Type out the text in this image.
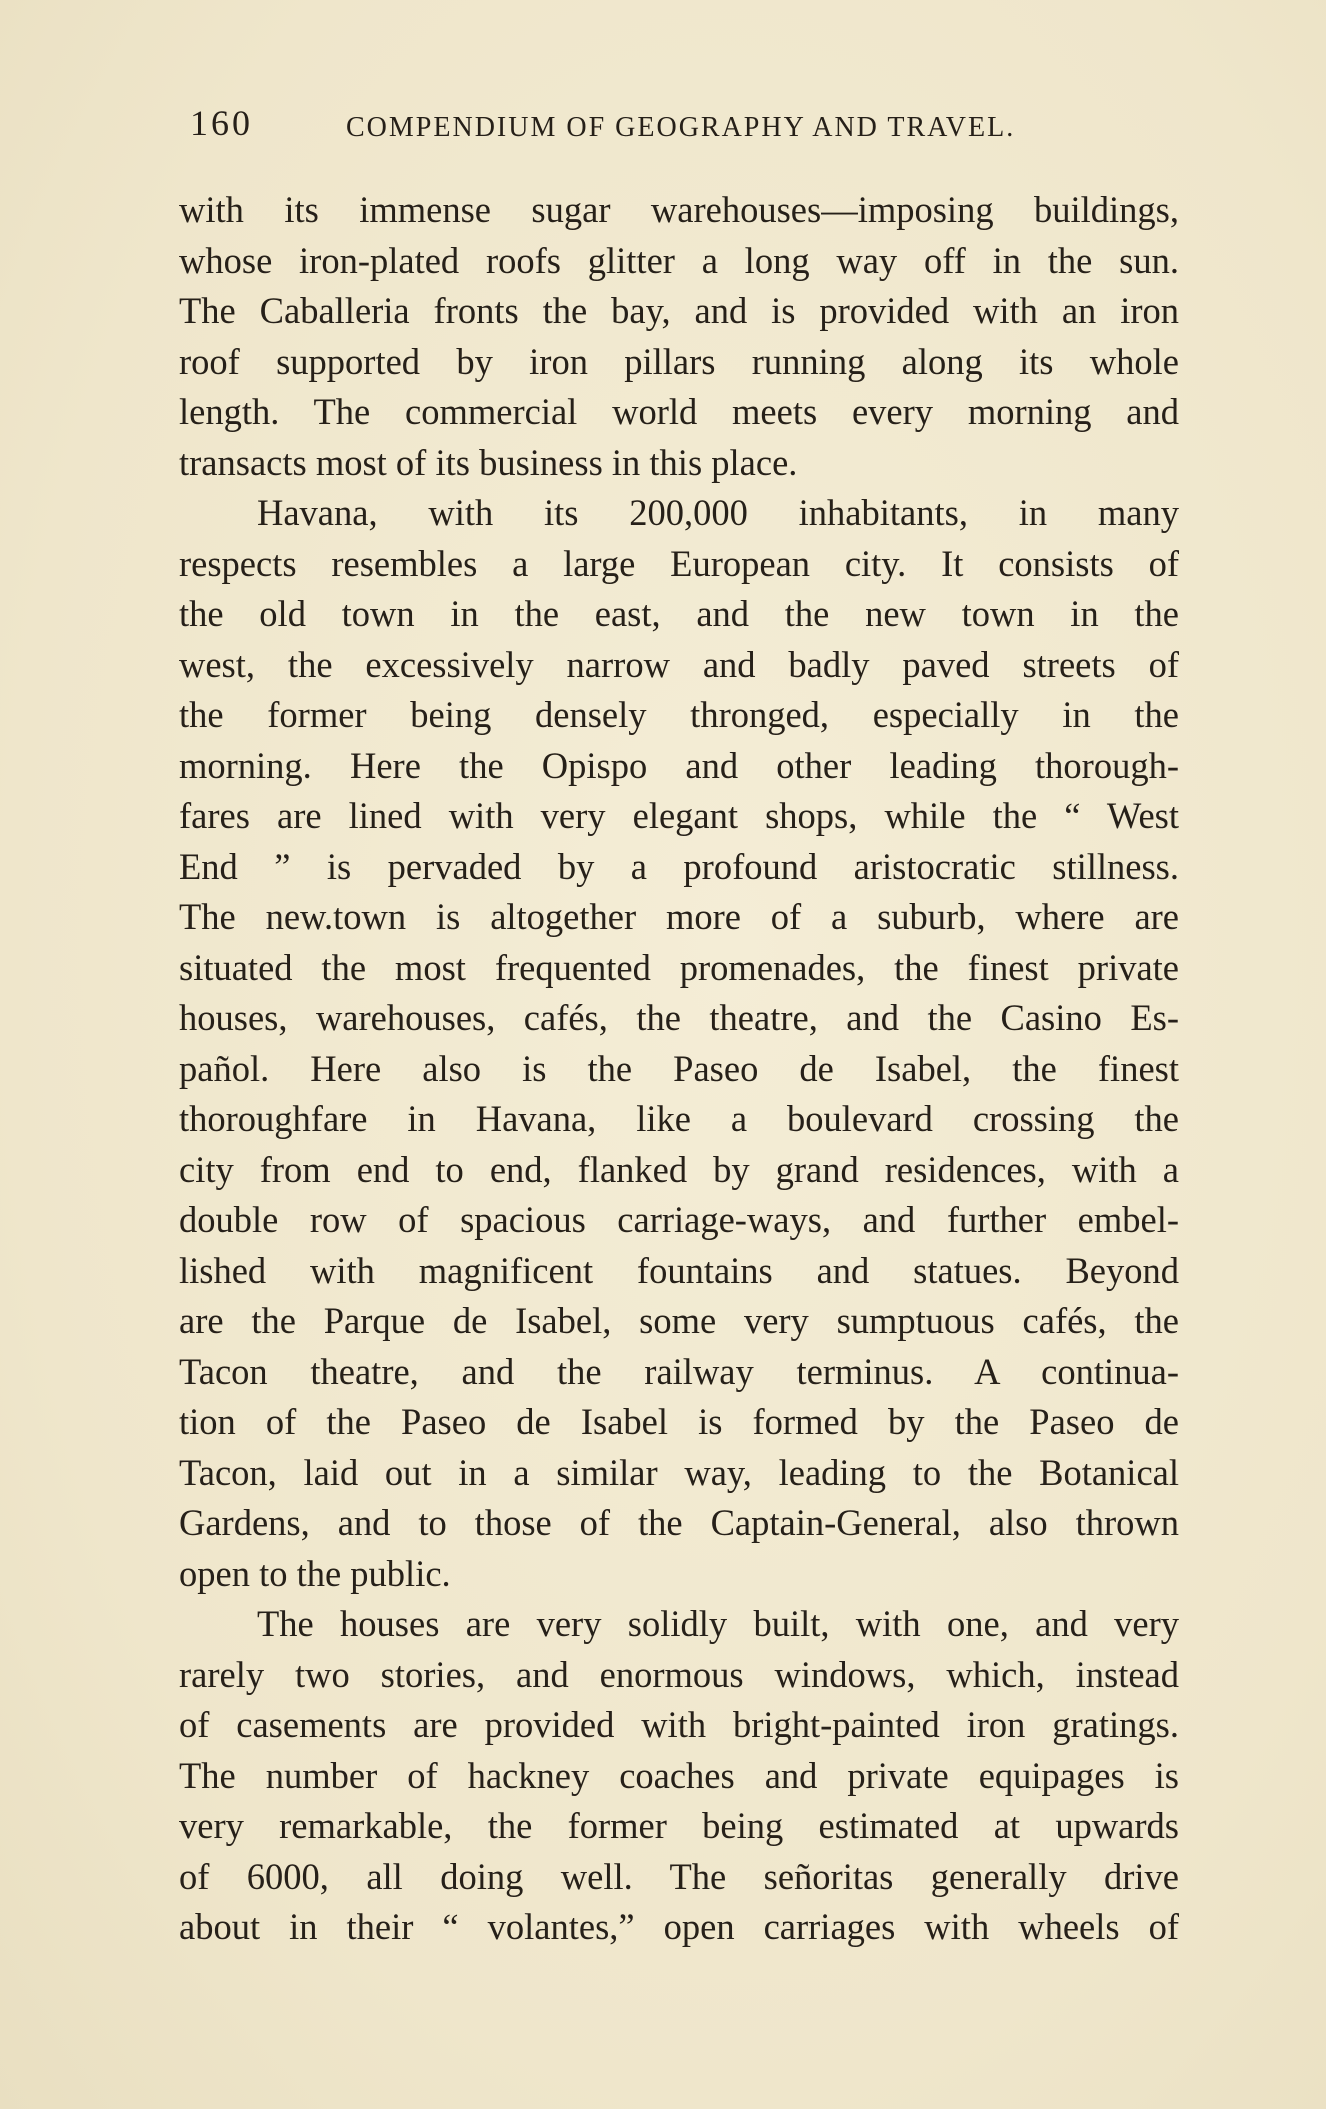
160	COMPENDIUM OF GEOGRAPHY AND TRAVEL.
with its immense sugar warehouses—imposing buildings,
whose iron-plated roofs glitter a long way off in the sun.
The Caballeria fronts the bay, and is provided with an iron
roof supported by iron pillars running along its whole
length. The commercial world meets every morning and
transacts most of its business in this place.
Havana, with its 200,000 inhabitants, in many
respects resembles a large European city. It consists of
the old town in the east, and the new town in the
west, the excessively narrow and badly paved streets of
the former being densely thronged, especially in the
morning. Here the Opispo and other leading thorough-
fares are lined with very elegant shops, while the “ West
End ” is pervaded by a profound aristocratic stillness.
The new.town is altogether more of a suburb, where are
situated the most frequented promenades, the finest private
houses, warehouses, cafés, the theatre, and the Casino Es-
pañol. Here also is the Paseo de Isabel, the finest
thoroughfare in Havana, like a boulevard crossing the
city from end to end, flanked by grand residences, with a
double row of spacious carriage-ways, and further embel-
lished with magnificent fountains and statues. Beyond
are the Parque de Isabel, some very sumptuous cafés, the
Tacon theatre, and the railway terminus. A continua-
tion of the Paseo de Isabel is formed by the Paseo de
Tacon, laid out in a similar way, leading to the Botanical
Gardens, and to those of the Captain-General, also thrown
open to the public.
The houses are very solidly built, with one, and very
rarely two stories, and enormous windows, which, instead
of casements are provided with bright-painted iron gratings.
The number of hackney coaches and private equipages is
very remarkable, the former being estimated at upwards
of 6000, all doing well. The señoritas generally drive
about in their “ volantes,” open carriages with wheels of
